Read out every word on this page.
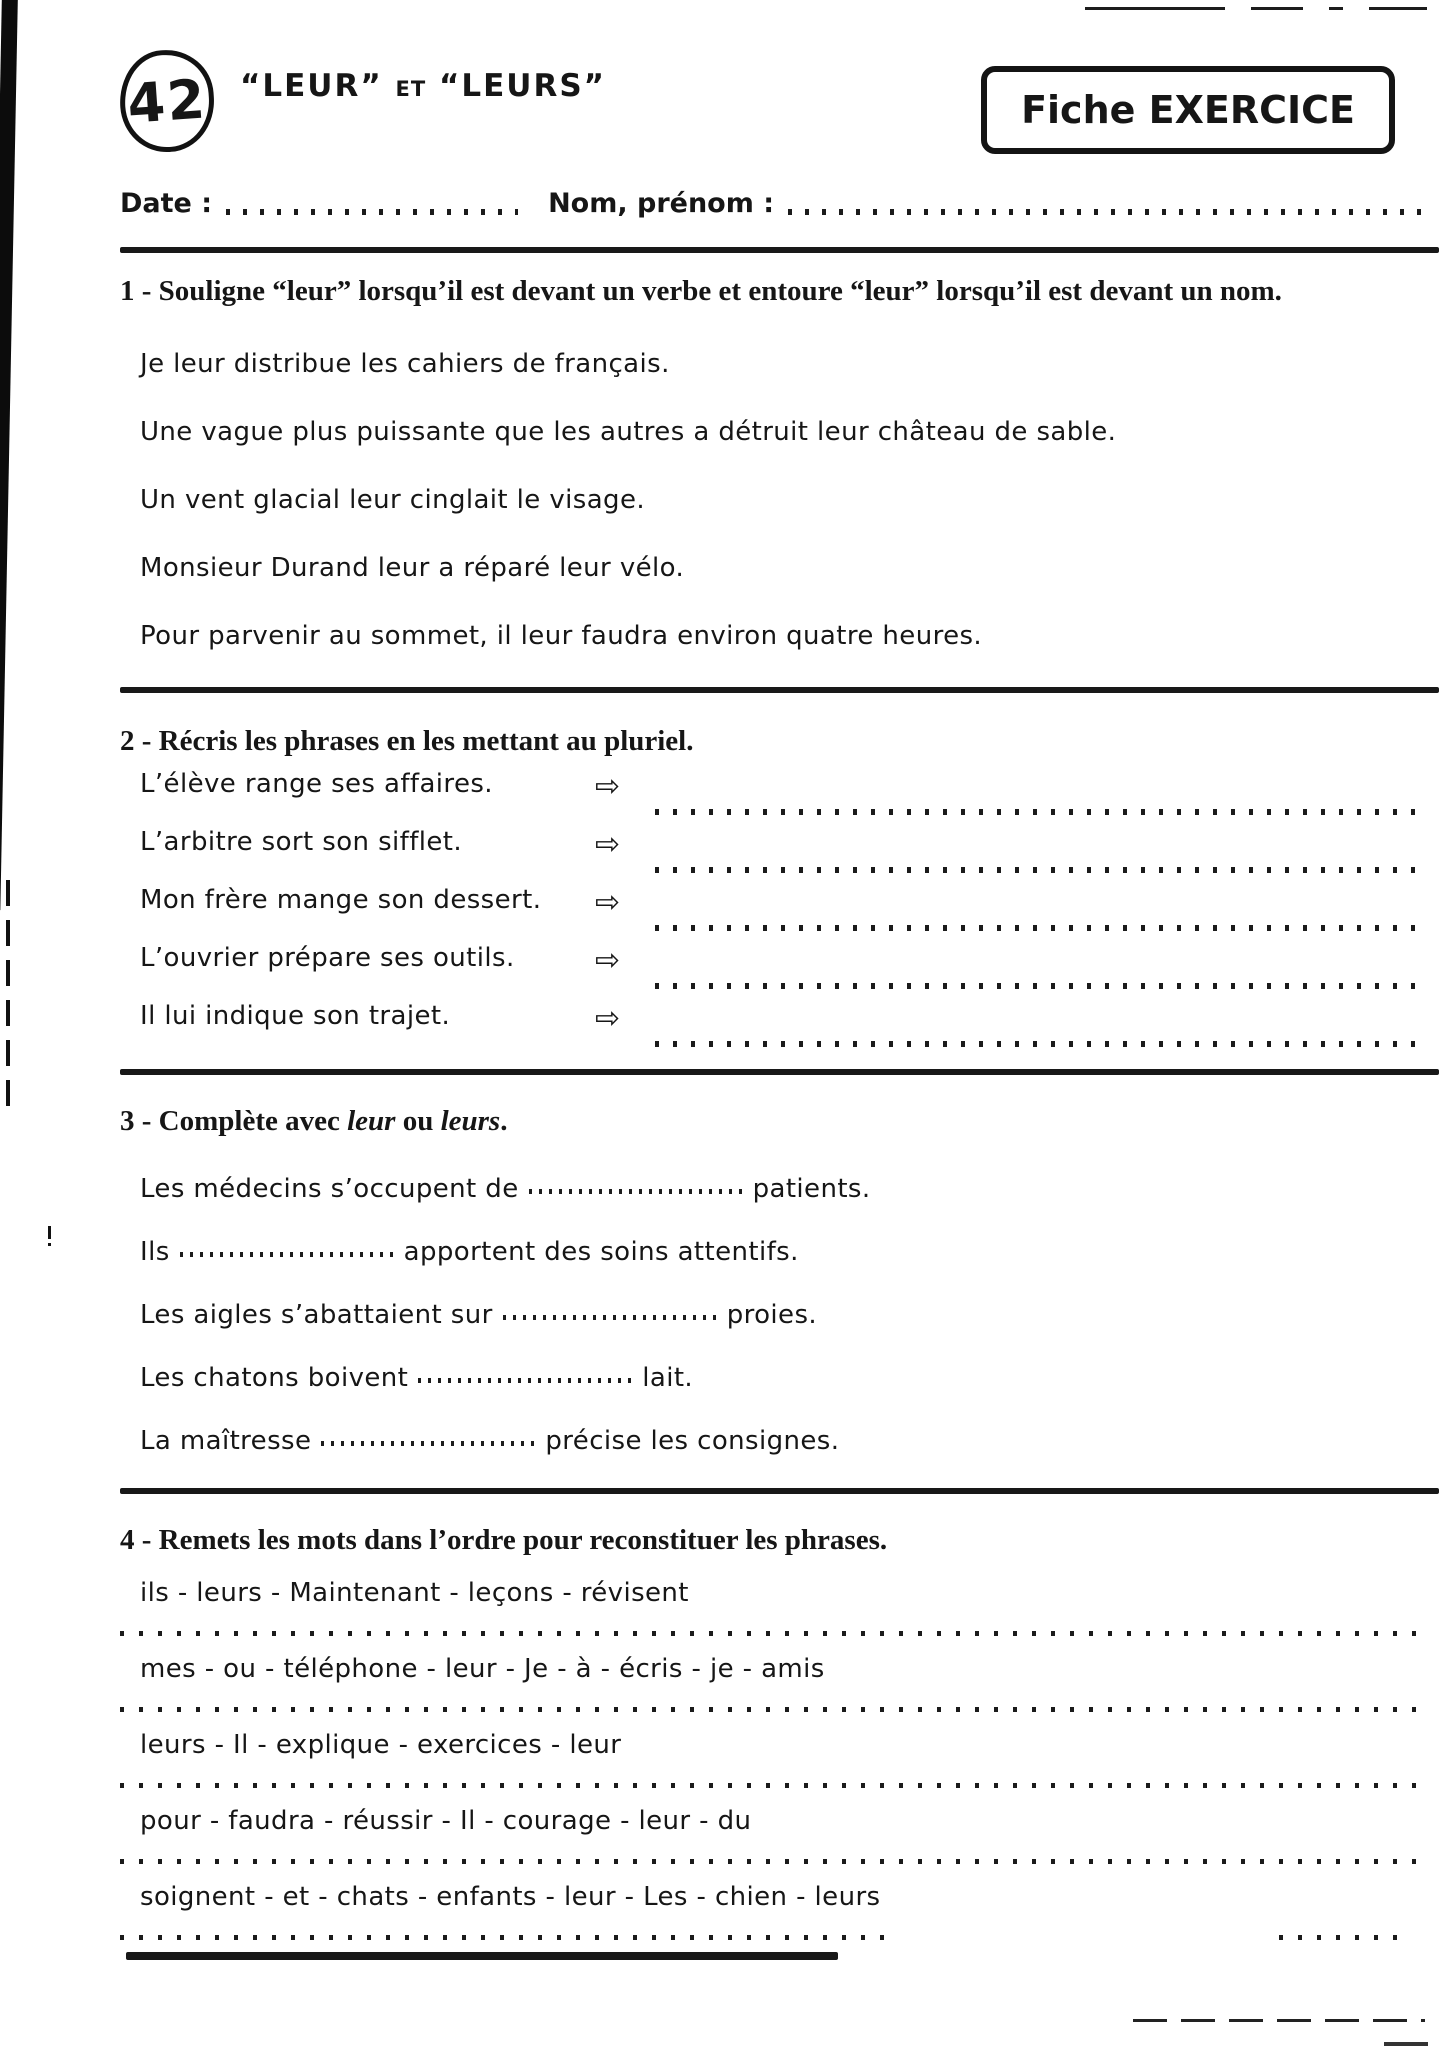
42 “LEUR” ET “LEURS”
Fiche EXERCICE
Date :	Nom, prénom :
1 - Souligne “leur” lorsqu’il est devant un verbe et entoure “leur” lorsqu’il est devant un nom.

Je leur distribue les cahiers de français.

Une vague plus puissante que les autres a détruit leur château de sable.

Un vent glacial leur cinglait le visage.

Monsieur Durand leur a réparé leur vélo.

Pour parvenir au sommet, il leur faudra environ quatre heures.

2 - Récris les phrases en les mettant au pluriel.
L’élève range ses affaires.	⇨
L’arbitre sort son sifflet.	⇨
Mon frère mange son dessert. ⇨
L’ouvrier prépare ses outils.	⇨
Il lui indique son trajet.	⇨
3 - Complète avec leur ou leurs.

Les médecins s’occupent de	patients.

Ils	apportent des soins attentifs.

Les aigles s’abattaient sur	proies.

Les chatons boivent	lait.

La maîtresse	précise les consignes.

4 - Remets les mots dans l’ordre pour reconstituer les phrases.

ils - leurs - Maintenant - leçons - révisent

mes - ou - téléphone - leur - Je - à - écris - je - amis

leurs - Il - explique - exercices - leur

pour - faudra - réussir - Il - courage - leur - du

soignent - et - chats - enfants - leur - Les - chien - leurs
